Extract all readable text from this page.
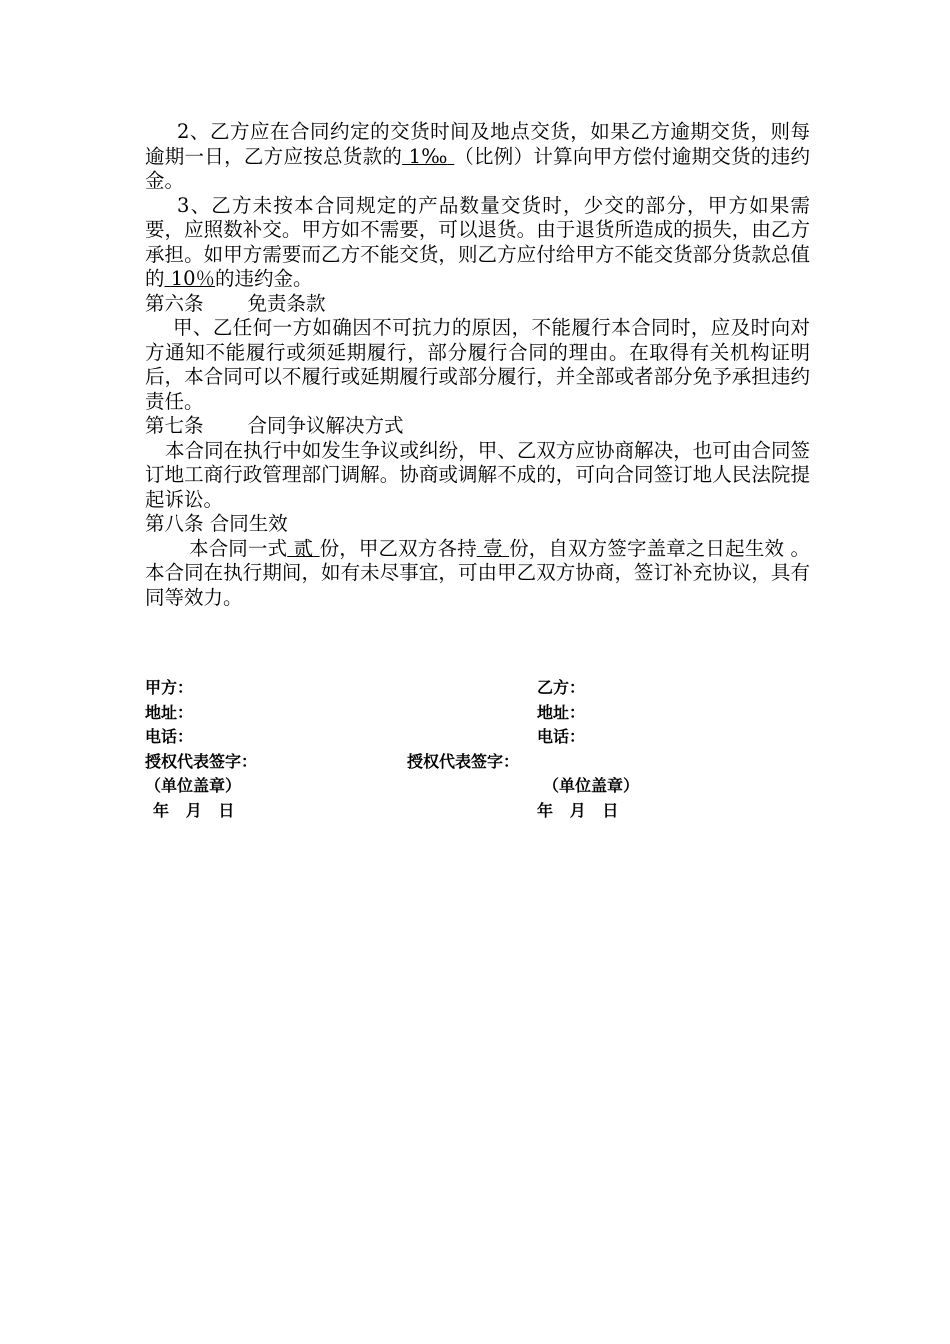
2、乙方应在合同约定的交货时间及地点交货，如果乙方逾期交货，则每逾期一日，乙方应按总货款的 1‰ （比例）计算向甲方偿付逾期交货的违约金。

3、乙方未按本合同规定的产品数量交货时，少交的部分，甲方如果需要，应照数补交。甲方如不需要，可以退货。由于退货所造成的损失，由乙方承担。如甲方需要而乙方不能交货，则乙方应付给甲方不能交货部分货款总值的 10％的违约金。

第六条 免责条款

甲、乙任何一方如确因不可抗力的原因，不能履行本合同时，应及时向对方通知不能履行或须延期履行，部分履行合同的理由。在取得有关机构证明后，本合同可以不履行或延期履行或部分履行，并全部或者部分免予承担违约责任。

第七条 合同争议解决方式

本合同在执行中如发生争议或纠纷，甲、乙双方应协商解决，也可由合同签订地工商行政管理部门调解。协商或调解不成的，可向合同签订地人民法院提起诉讼。

第八条 合同生效

本合同一式 贰 份，甲乙双方各持 壹 份，自双方签字盖章之日起生效 。本合同在执行期间，如有未尽事宜，可由甲乙双方协商，签订补充协议，具有同等效力。

甲方：	乙方：
地址：	地址：
电话：	电话：
授权代表签字：	授权代表签字：
（单位盖章）	（单位盖章）
年   月   日	年   月   日
